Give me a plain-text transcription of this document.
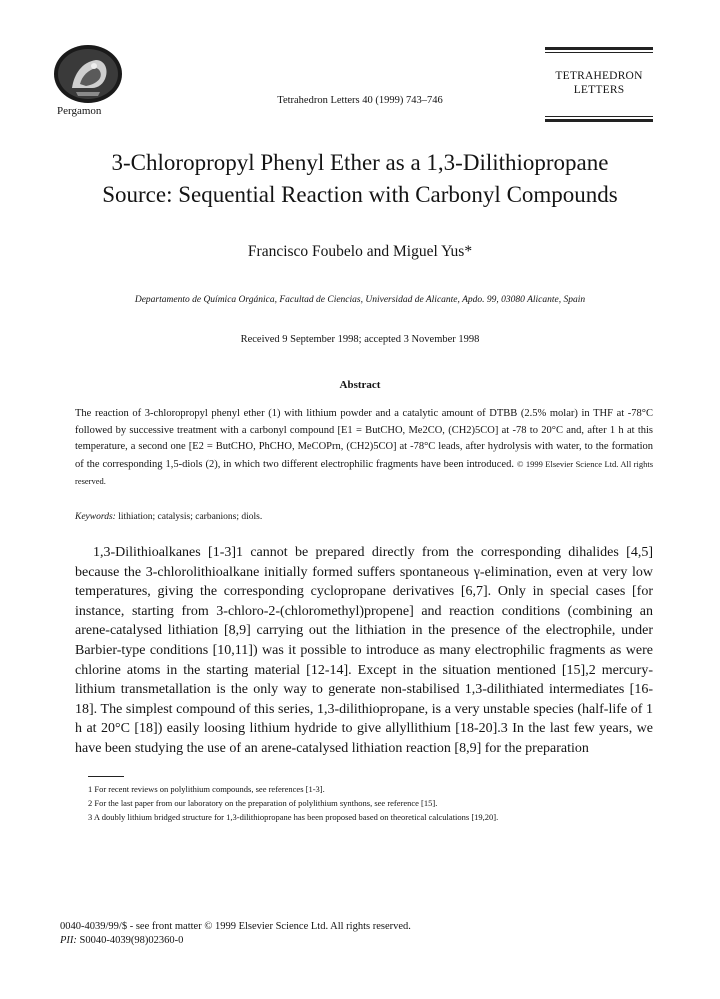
Pergamon
Tetrahedron Letters 40 (1999) 743–746
TETRAHEDRON
LETTERS
3-Chloropropyl Phenyl Ether as a 1,3-Dilithiopropane
Source: Sequential Reaction with Carbonyl Compounds
Francisco Foubelo and Miguel Yus*
Departamento de Química Orgánica, Facultad de Ciencias, Universidad de Alicante, Apdo. 99, 03080 Alicante, Spain
Received 9 September 1998; accepted 3 November 1998
Abstract
The reaction of 3-chloropropyl phenyl ether (1) with lithium powder and a catalytic amount of DTBB (2.5% molar) in THF at -78°C followed by successive treatment with a carbonyl compound [E1 = ButCHO, Me2CO, (CH2)5CO] at -78 to 20°C and, after 1 h at this temperature, a second one [E2 = ButCHO, PhCHO, MeCOPrn, (CH2)5CO] at -78°C leads, after hydrolysis with water, to the formation of the corresponding 1,5-diols (2), in which two different electrophilic fragments have been introduced. © 1999 Elsevier Science Ltd. All rights reserved.
Keywords: lithiation; catalysis; carbanions; diols.
1,3-Dilithioalkanes [1-3]1 cannot be prepared directly from the corresponding dihalides [4,5] because the 3-chlorolithioalkane initially formed suffers spontaneous γ-elimination, even at very low temperatures, giving the corresponding cyclopropane derivatives [6,7]. Only in special cases [for instance, starting from 3-chloro-2-(chloromethyl)propene] and reaction conditions (combining an arene-catalysed lithiation [8,9] carrying out the lithiation in the presence of the electrophile, under Barbier-type conditions [10,11]) was it possible to introduce as many electrophilic fragments as were chlorine atoms in the starting material [12-14]. Except in the situation mentioned [15],2 mercury-lithium transmetallation is the only way to generate non-stabilised 1,3-dilithiated intermediates [16-18]. The simplest compound of this series, 1,3-dilithiopropane, is a very unstable species (half-life of 1 h at 20°C [18]) easily loosing lithium hydride to give allyllithium [18-20].3 In the last few years, we have been studying the use of an arene-catalysed lithiation reaction [8,9] for the preparation
1 For recent reviews on polylithium compounds, see references [1-3].
2 For the last paper from our laboratory on the preparation of polylithium synthons, see reference [15].
3 A doubly lithium bridged structure for 1,3-dilithiopropane has been proposed based on theoretical calculations [19,20].
0040-4039/99/$ - see front matter © 1999 Elsevier Science Ltd. All rights reserved.
PII: S0040-4039(98)02360-0
